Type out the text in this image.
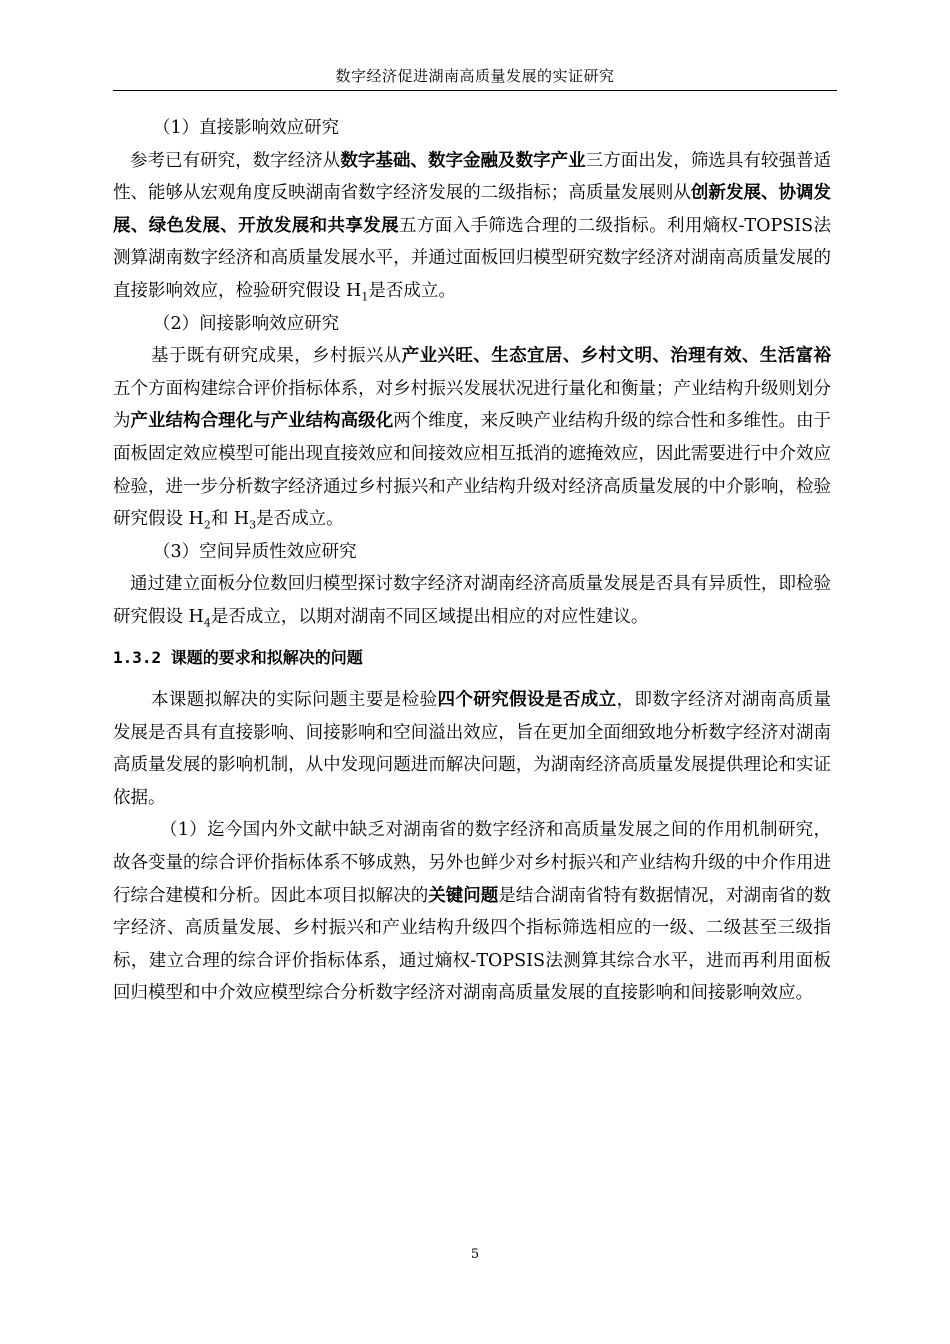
数字经济促进湖南高质量发展的实证研究

（1）直接影响效应研究

参考已有研究，数字经济从数字基础、数字金融及数字产业三方面出发，筛选具有较强普适性、能够从宏观角度反映湖南省数字经济发展的二级指标；高质量发展则从创新发展、协调发展、绿色发展、开放发展和共享发展五方面入手筛选合理的二级指标。利用熵权-TOPSIS法测算湖南数字经济和高质量发展水平，并通过面板回归模型研究数字经济对湖南高质量发展的直接影响效应，检验研究假设 $H_1$是否成立。

（2）间接影响效应研究

基于既有研究成果，乡村振兴从产业兴旺、生态宜居、乡村文明、治理有效、生活富裕五个方面构建综合评价指标体系，对乡村振兴发展状况进行量化和衡量；产业结构升级则划分为产业结构合理化与产业结构高级化两个维度，来反映产业结构升级的综合性和多维性。由于面板固定效应模型可能出现直接效应和间接效应相互抵消的遮掩效应，因此需要进行中介效应检验，进一步分析数字经济通过乡村振兴和产业结构升级对经济高质量发展的中介影响，检验研究假设 $H_2$和 $H_3$是否成立。

（3）空间异质性效应研究

通过建立面板分位数回归模型探讨数字经济对湖南经济高质量发展是否具有异质性，即检验研究假设 $H_4$是否成立，以期对湖南不同区域提出相应的对应性建议。

1.3.2 课题的要求和拟解决的问题

本课题拟解决的实际问题主要是检验四个研究假设是否成立，即数字经济对湖南高质量发展是否具有直接影响、间接影响和空间溢出效应，旨在更加全面细致地分析数字经济对湖南高质量发展的影响机制，从中发现问题进而解决问题，为湖南经济高质量发展提供理论和实证依据。

（1）迄今国内外文献中缺乏对湖南省的数字经济和高质量发展之间的作用机制研究，故各变量的综合评价指标体系不够成熟，另外也鲜少对乡村振兴和产业结构升级的中介作用进行综合建模和分析。因此本项目拟解决的关键问题是结合湖南省特有数据情况，对湖南省的数字经济、高质量发展、乡村振兴和产业结构升级四个指标筛选相应的一级、二级甚至三级指标，建立合理的综合评价指标体系，通过熵权-TOPSIS法测算其综合水平，进而再利用面板回归模型和中介效应模型综合分析数字经济对湖南高质量发展的直接影响和间接影响效应。

5
